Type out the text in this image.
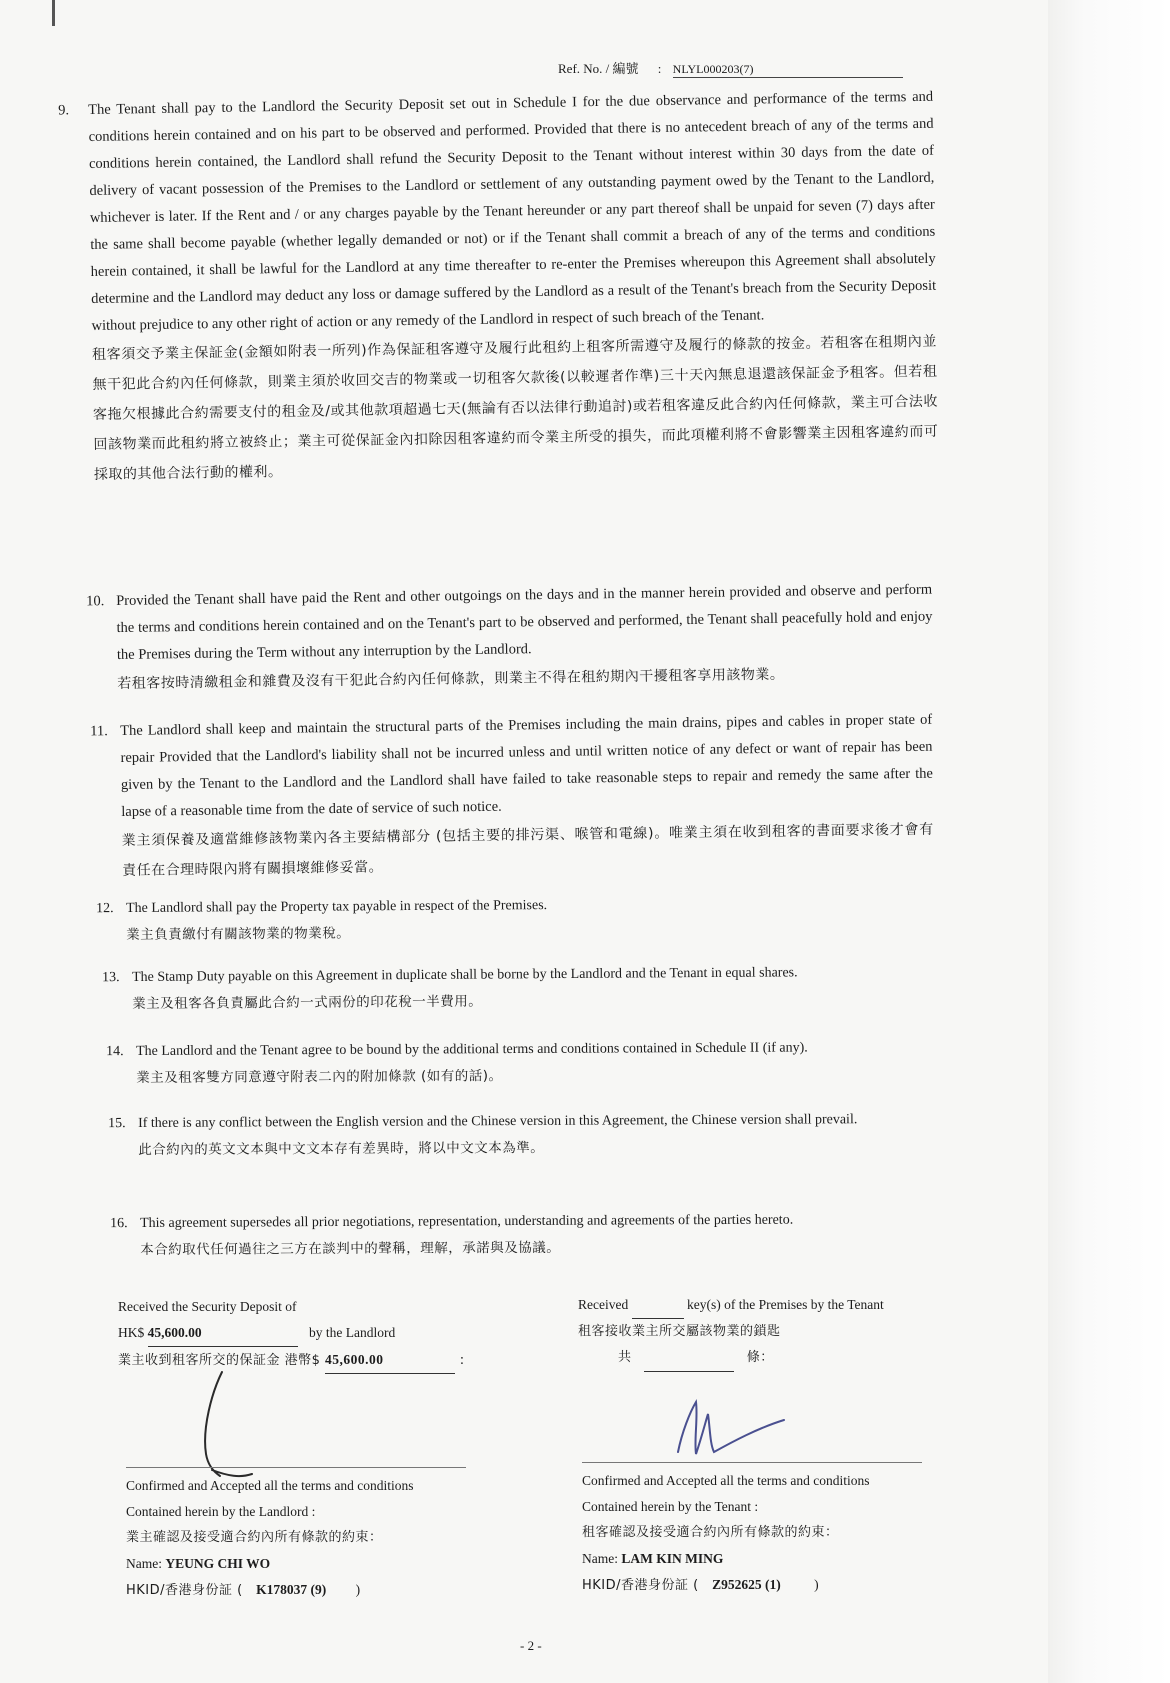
Ref. No. / 編號 : NLYL000203(7)
9. The Tenant shall pay to the Landlord the Security Deposit set out in Schedule I for the due observance and performance of the terms and conditions herein contained and on his part to be observed and performed. Provided that there is no antecedent breach of any of the terms and conditions herein contained, the Landlord shall refund the Security Deposit to the Tenant without interest within 30 days from the date of delivery of vacant possession of the Premises to the Landlord or settlement of any outstanding payment owed by the Tenant to the Landlord, whichever is later. If the Rent and / or any charges payable by the Tenant hereunder or any part thereof shall be unpaid for seven (7) days after the same shall become payable (whether legally demanded or not) or if the Tenant shall commit a breach of any of the terms and conditions herein contained, it shall be lawful for the Landlord at any time thereafter to re-enter the Premises whereupon this Agreement shall absolutely determine and the Landlord may deduct any loss or damage suffered by the Landlord as a result of the Tenant's breach from the Security Deposit without prejudice to any other right of action or any remedy of the Landlord in respect of such breach of the Tenant.
租客須交予業主保証金(金額如附表一所列)作為保証租客遵守及履行此租約上租客所需遵守及履行的條款的按金。若租客在租期內並無干犯此合約內任何條款，則業主須於收回交吉的物業或一切租客欠款後(以較遲者作準)三十天內無息退還該保証金予租客。但若租客拖欠根據此合約需要支付的租金及/或其他款項超過七天(無論有否以法律行動追討)或若租客違反此合約內任何條款，業主可合法收回該物業而此租約將立被終止；業主可從保証金內扣除因租客違約而令業主所受的損失，而此項權利將不會影響業主因租客違約而可採取的其他合法行動的權利。
10. Provided the Tenant shall have paid the Rent and other outgoings on the days and in the manner herein provided and observe and perform the terms and conditions herein contained and on the Tenant's part to be observed and performed, the Tenant shall peacefully hold and enjoy the Premises during the Term without any interruption by the Landlord.
若租客按時清繳租金和雜費及沒有干犯此合約內任何條款，則業主不得在租約期內干擾租客享用該物業。
11. The Landlord shall keep and maintain the structural parts of the Premises including the main drains, pipes and cables in proper state of repair Provided that the Landlord's liability shall not be incurred unless and until written notice of any defect or want of repair has been given by the Tenant to the Landlord and the Landlord shall have failed to take reasonable steps to repair and remedy the same after the lapse of a reasonable time from the date of service of such notice.
業主須保養及適當維修該物業內各主要結構部分 (包括主要的排污渠、喉管和電線)。唯業主須在收到租客的書面要求後才會有責任在合理時限內將有關損壞維修妥當。
12. The Landlord shall pay the Property tax payable in respect of the Premises.
業主負責繳付有關該物業的物業稅。
13. The Stamp Duty payable on this Agreement in duplicate shall be borne by the Landlord and the Tenant in equal shares.
業主及租客各負責屬此合約一式兩份的印花稅一半費用。
14. The Landlord and the Tenant agree to be bound by the additional terms and conditions contained in Schedule II (if any).
業主及租客雙方同意遵守附表二內的附加條款 (如有的話)。
15. If there is any conflict between the English version and the Chinese version in this Agreement, the Chinese version shall prevail.
此合約內的英文文本與中文文本存有差異時，將以中文文本為準。
16. This agreement supersedes all prior negotiations, representation, understanding and agreements of the parties hereto.
本合約取代任何過往之三方在談判中的聲稱，理解，承諾與及協議。
Received the Security Deposit of
HK$ 45,600.00	by the Landlord
業主收到租客所交的保証金 港幣$ 45,600.00	:
Received	key(s) of the Premises by the Tenant
租客接收業主所交屬該物業的鎖匙
共	條：
Confirmed and Accepted all the terms and conditions
Contained herein by the Landlord :
業主確認及接受適合約內所有條款的約束：
Name: YEUNG CHI WO
HKID/香港身份証 ( K178037 (9) )
Confirmed and Accepted all the terms and conditions
Contained herein by the Tenant :
租客確認及接受適合約內所有條款的約束：
Name: LAM KIN MING
HKID/香港身份証 ( Z952625 (1) )
- 2 -
